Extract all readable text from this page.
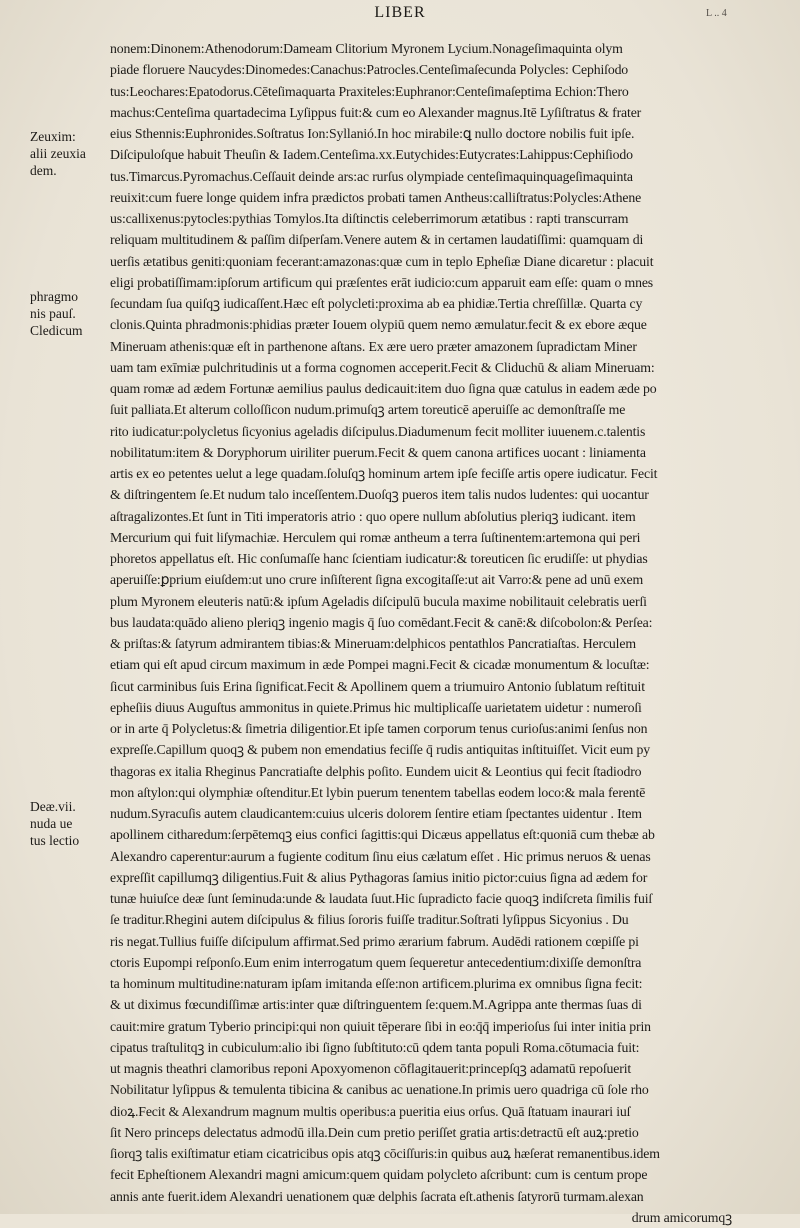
LIBER	L .. 4
Zeuxim:
alii zeuxia
dem.
phragmo
nis pauſ.
Cledicum
Deæ.vii.
nuda ue
tus lectio
nonem:Dinonem:Athenodorum:Dameam Clitorium Myronem Lycium.Nonageſimaquinta olym
piade floruere Naucydes:Dinomedes:Canachus:Patrocles.Centeſimaſecunda Polycles: Cephiſodo
tus:Leochares:Epatodorus.Cēteſimaquarta Praxiteles:Euphranor:Centeſimaſeptima Echion:Thero
machus:Centeſima quartadecima Lyſippus fuit:& cum eo Alexander magnus.Itē Lyſiſtratus & frater
eius Sthennis:Euphronides.Soſtratus Ion:Syllanió.In hoc mirabile:ꝗ nullo doctore nobilis fuit ipſe.
Diſcipuloſque habuit Theuſin & Iadem.Centeſima.xx.Eutychides:Eutycrates:Lahippus:Cephiſiodo
tus.Timarcus.Pyromachus.Ceſſauit deinde ars:ac rurſus olympiade centeſimaquinquageſimaquinta
reuixit:cum fuere longe quidem infra prædictos probati tamen Antheus:calliſtratus:Polycles:Athene
us:callixenus:pytocles:pythias Tomylos.Ita diſtinctis celeberrimorum ætatibus : rapti transcurram
reliquam multitudinem & paſſim diſperſam.Venere autem & in certamen laudatiſſimi: quamquam di
uerſis ætatibus geniti:quoniam fecerant:amazonas:quæ cum in teplo Epheſiæ Diane dicaretur : placuit
eligi probatiſſimam:ipſorum artificum qui præſentes erāt iudicio:cum apparuit eam eſſe: quam o mnes
ſecundam ſua quiſqꝫ iudicaſſent.Hæc eſt polycleti:proxima ab ea phidiæ.Tertia chreſſillæ. Quarta cy
clonis.Quinta phradmonis:phidias præter Iouem olypiū quem nemo æmulatur.fecit & ex ebore æque
Mineruam athenis:quæ eſt in parthenone aſtans. Ex ære uero præter amazonem ſupradictam Miner
uam tam exīmiæ pulchritudinis ut a forma cognomen acceperit.Fecit & Cliduchū & aliam Mineruam:
quam romæ ad ædem Fortunæ aemilius paulus dedicauit:item duo ſigna quæ catulus in eadem æde po
ſuit palliata.Et alterum colloſſicon nudum.primuſqꝫ artem toreuticē aperuiſſe ac demonſtraſſe me
rito iudicatur:polycletus ſicyonius ageladis diſcipulus.Diadumenum fecit molliter iuuenem.c.talentis
nobilitatum:item & Doryphorum uiriliter puerum.Fecit & quem canona artifices uocant : liniamenta
artis ex eo petentes uelut a lege quadam.ſoluſqꝫ hominum artem ipſe feciſſe artis opere iudicatur. Fecit
& diſtringentem ſe.Et nudum talo inceſſentem.Duoſqꝫ pueros item talis nudos ludentes: qui uocantur
aſtragalizontes.Et ſunt in Titi imperatoris atrio : quo opere nullum abſolutius pleriqꝫ iudicant. item
Mercurium qui fuit liſymachiæ. Herculem qui romæ antheum a terra ſuſtinentem:artemona qui peri
phoretos appellatus eſt. Hic conſumaſſe hanc ſcientiam iudicatur:& toreuticen ſic erudiſſe: ut phydias
aperuiſſe:ꝑprium eiuſdem:ut uno crure inſiſterent ſigna excogitaſſe:ut ait Varro:& pene ad unū exem
plum Myronem eleuteris natū:& ipſum Ageladis diſcipulū bucula maxime nobilitauit celebratis uerſi
bus laudata:quādo alieno pleriqꝫ ingenio magis q̄ ſuo comēdant.Fecit & canē:& diſcobolon:& Perſea:
& priſtas:& ſatyrum admirantem tibias:& Mineruam:delphicos pentathlos Pancratiaſtas. Herculem
etiam qui eſt apud circum maximum in æde Pompei magni.Fecit & cicadæ monumentum & locuſtæ:
ſicut carminibus ſuis Erina ſignificat.Fecit & Apollinem quem a triumuiro Antonio ſublatum reſtituit
epheſiis diuus Auguſtus ammonitus in quiete.Primus hic multiplicaſſe uarietatem uidetur : numeroſi
or in arte q̄ Polycletus:& ſimetria diligentior.Et ipſe tamen corporum tenus curioſus:animi ſenſus non
expreſſe.Capillum quoqꝫ & pubem non emendatius feciſſe q̄ rudis antiquitas inſtituiſſet. Vicit eum py
thagoras ex italia Rheginus Pancratiaſte delphis poſito. Eundem uicit & Leontius qui fecit ſtadiodro
mon aſtylon:qui olymphiæ oſtenditur.Et lybin puerum tenentem tabellas eodem loco:& mala ferentē
nudum.Syracuſis autem claudicantem:cuius ulceris dolorem ſentire etiam ſpectantes uidentur . Item
apollinem citharedum:ſerpētemqꝫ eius confici ſagittis:qui Dicæus appellatus eſt:quoniā cum thebæ ab
Alexandro caperentur:aurum a fugiente coditum ſinu eius cælatum eſſet . Hic primus neruos & uenas
expreſſit capillumqꝫ diligentius.Fuit & alius Pythagoras ſamius initio pictor:cuius ſigna ad ædem for
tunæ huiuſce deæ ſunt ſeminuda:unde & laudata ſuut.Hic ſupradicto facie quoqꝫ indiſcreta ſimilis fuiſ
ſe traditur.Rhegini autem diſcipulus & filius ſororis fuiſſe traditur.Soſtrati lyſippus Sicyonius . Du
ris negat.Tullius fuiſſe diſcipulum affirmat.Sed primo ærarium fabrum. Audēdi rationem cœpiſſe pi
ctoris Eupompi reſponſo.Eum enim interrogatum quem ſequeretur antecedentium:dixiſſe demonſtra
ta hominum multitudine:naturam ipſam imitanda eſſe:non artificem.plurima ex omnibus ſigna fecit:
& ut diximus fœcundiſſimæ artis:inter quæ diſtringuentem ſe:quem.M.Agrippa ante thermas ſuas di
cauit:mire gratum Tyberio principi:qui non quiuit tēperare ſibi in eo:q̄q̄ imperioſus ſui inter initia prin
cipatus traſtulitqꝫ in cubiculum:alio ibi ſigno ſubſtituto:cū qdem tanta populi Roma.cōtumacia fuit:
ut magnis theathri clamoribus reponi Apoxyomenon cōflagitauerit:princepſqꝫ adamatū repoſuerit
Nobilitatur lyſippus & temulenta tibicina & canibus ac uenatione.In primis uero quadriga cū ſole rho
dioꝝ.Fecit & Alexandrum magnum multis operibus:a pueritia eius orſus. Quā ſtatuam inaurari iuſ
ſit Nero princeps delectatus admodū illa.Dein cum pretio periſſet gratia artis:detractū eſt auꝝ:pretio
ſiorqꝫ talis exiſtimatur etiam cicatricibus opis atqꝫ cōciſſuris:in quibus auꝝ hæſerat remanentibus.idem
fecit Epheſtionem Alexandri magni amicum:quem quidam polycleto aſcribunt: cum is centum prope
annis ante fuerit.idem Alexandri uenationem quæ delphis ſacrata eſt.athenis ſatyrorū turmam.alexan
drum amicorumqꝫ
